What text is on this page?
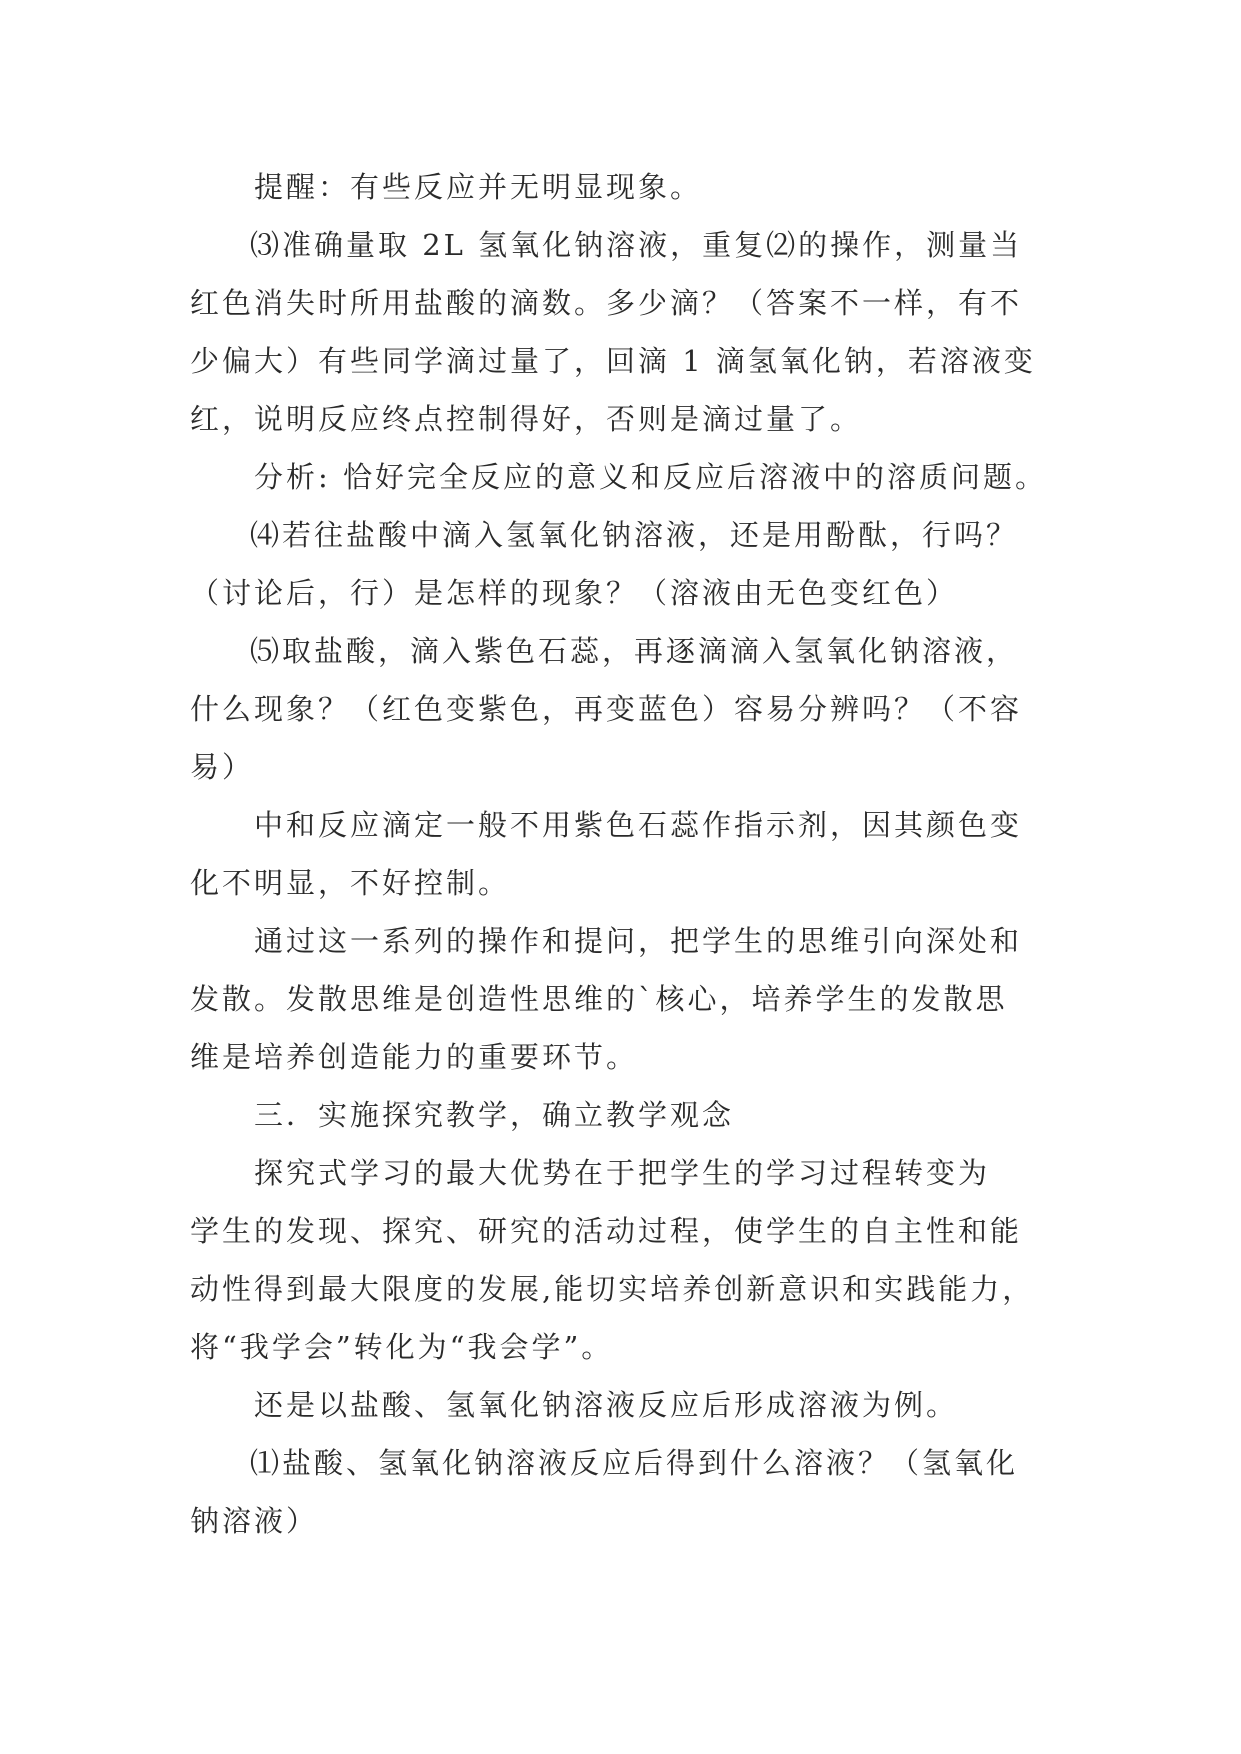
提醒：有些反应并无明显现象。
⑶准确量取 2L 氢氧化钠溶液，重复⑵的操作，测量当
红色消失时所用盐酸的滴数。多少滴？（答案不一样，有不
少偏大）有些同学滴过量了，回滴 1 滴氢氧化钠，若溶液变
红，说明反应终点控制得好，否则是滴过量了。
分析: 恰好完全反应的意义和反应后溶液中的溶质问题。
⑷若往盐酸中滴入氢氧化钠溶液，还是用酚酞，行吗？
（讨论后，行）是怎样的现象？（溶液由无色变红色）
⑸取盐酸，滴入紫色石蕊，再逐滴滴入氢氧化钠溶液，
什么现象？（红色变紫色，再变蓝色）容易分辨吗？（不容
易）
中和反应滴定一般不用紫色石蕊作指示剂，因其颜色变
化不明显，不好控制。
通过这一系列的操作和提问，把学生的思维引向深处和
发散。发散思维是创造性思维的`核心，培养学生的发散思
维是培养创造能力的重要环节。
三．实施探究教学，确立教学观念
探究式学习的最大优势在于把学生的学习过程转变为
学生的发现、探究、研究的活动过程，使学生的自主性和能
动性得到最大限度的发展,能切实培养创新意识和实践能力，
将“我学会”转化为“我会学”。
还是以盐酸、氢氧化钠溶液反应后形成溶液为例。
⑴盐酸、氢氧化钠溶液反应后得到什么溶液？（氢氧化
钠溶液）
